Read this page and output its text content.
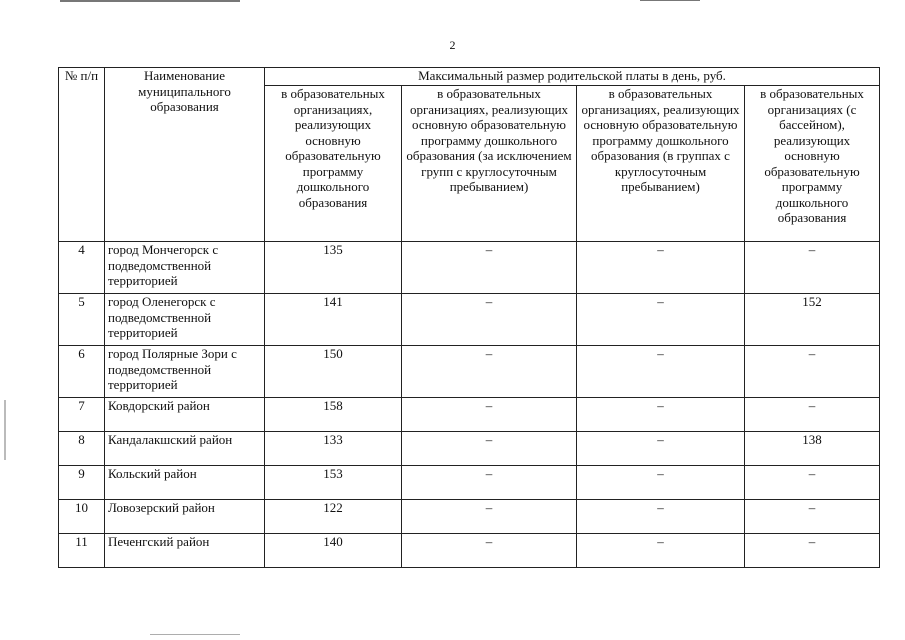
2
№ п/п	Наименование муниципального образования	Максимальный размер родительской платы в день, руб.			
		в образовательных организациях, реализующих основную образовательную программу дошкольного образования	в образовательных организациях, реализующих основную образовательную программу дошкольного образования (за исключением групп с круглосуточным пребыванием)	в образовательных организациях, реализующих основную образовательную программу дошкольного образования (в группах с круглосуточным пребыванием)	в образовательных организациях (с бассейном), реализующих основную образовательную программу дошкольного образования
4	город Мончегорск с подведомственной территорией	135	–	–	–
5	город Оленегорск с подведомственной территорией	141	–	–	152
6	город Полярные Зори с подведомственной территорией	150	–	–	–
7	Ковдорский район	158	–	–	–
8	Кандалакшский район	133	–	–	138
9	Кольский район	153	–	–	–
10	Ловозерский район	122	–	–	–
11	Печенгский район	140	–	–	–
